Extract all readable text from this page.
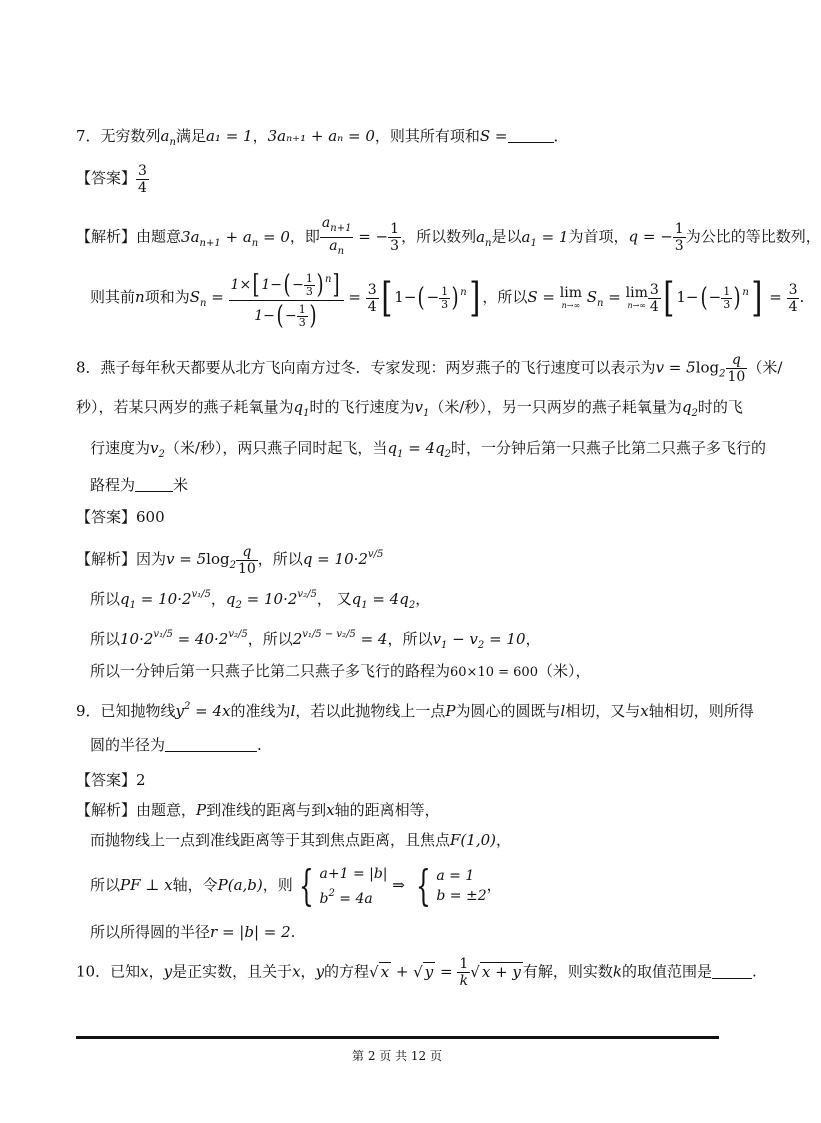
7．无穷数列$a_n$满足a₁ = 1，3aₙ₊₁ + aₙ = 0，则其所有项和S =	．
【答案】 $\frac{3}{4}$
【解析】由题意$3a_{n+1} + a_n = 0$，即 $\frac{a_{n+1}}{a_n}$ = − $\frac{1}{3}$ ，所以数列$a_n$是以$a_1 = 1$为首项，q = − $\frac{1}{3}$ 为公比的等比数列，
则其前n项和为$S_n = \frac{1\times[ 1-( - \frac{1}{3} ) ^n]}{1-( - \frac{1}{3} )} = \frac{3}{4}$ [ $1-( - \frac{1}{3}$ ) $^n$] ，所以S = lim
n→∞ $S_n = \lim$
$n\to\infty \frac{3}{4}$ [ $1-( - \frac{1}{3}$ ) $^n] = \frac{3}{4}$ .
8．燕子每年秋天都要从北方飞向南方过冬．专家发现：两岁燕子的飞行速度可以表示为$v = 5\log_2 \frac{q}{10}$ （米/
秒），若某只两岁的燕子耗氧量为$q_1$时的飞行速度为$v_1$（米/秒），另一只两岁的燕子耗氧量为$q_2$时的飞
行速度为$v_2$（米/秒），两只燕子同时起飞，当$q_1 = 4q_2$时，一分钟后第一只燕子比第二只燕子多飞行的
路程为	米
【答案】600
【解析】因为$v = 5\log_2 \frac{q}{10}$ ，所以$q = 10\cdot 2^{v/5}$
所以$q_1 = 10\cdot 2^{v_1/5}$，$q_2 = 10\cdot 2^{v_2/5}$， 又$q_1 = 4q_2$，
所以$10\cdot 2^{v_1/5} = 40\cdot 2^{v_2/5}$，所以$2^{v_1/5 - v_2/5} = 4$，所以$v_1 - v_2 = 10$，
所以一分钟后第一只燕子比第二只燕子多飞行的路程为60×10 = 600（米），
9．已知抛物线$y^2 = 4x$的准线为l，若以此抛物线上一点P为圆心的圆既与l相切，又与x轴相切，则所得
圆的半径为	.
【答案】2
【解析】由题意，P到准线的距离与到x轴的距离相等，
而抛物线上一点到准线距离等于其到焦点距离，且焦点F(1,0)，
所以PF ⊥ x轴，令P(a,b)，则 { a+1 = |b|
$b^2 = 4a$ ⇒ { a = 1
b = ±2，
所以所得圆的半径r = |b| = 2.
10．已知x，y是正实数，且关于x，y的方程√ x + √ $y = \frac{1}{k}$ √ x + y 有解，则实数k的取值范围是	.
第 2 页 共 12 页
